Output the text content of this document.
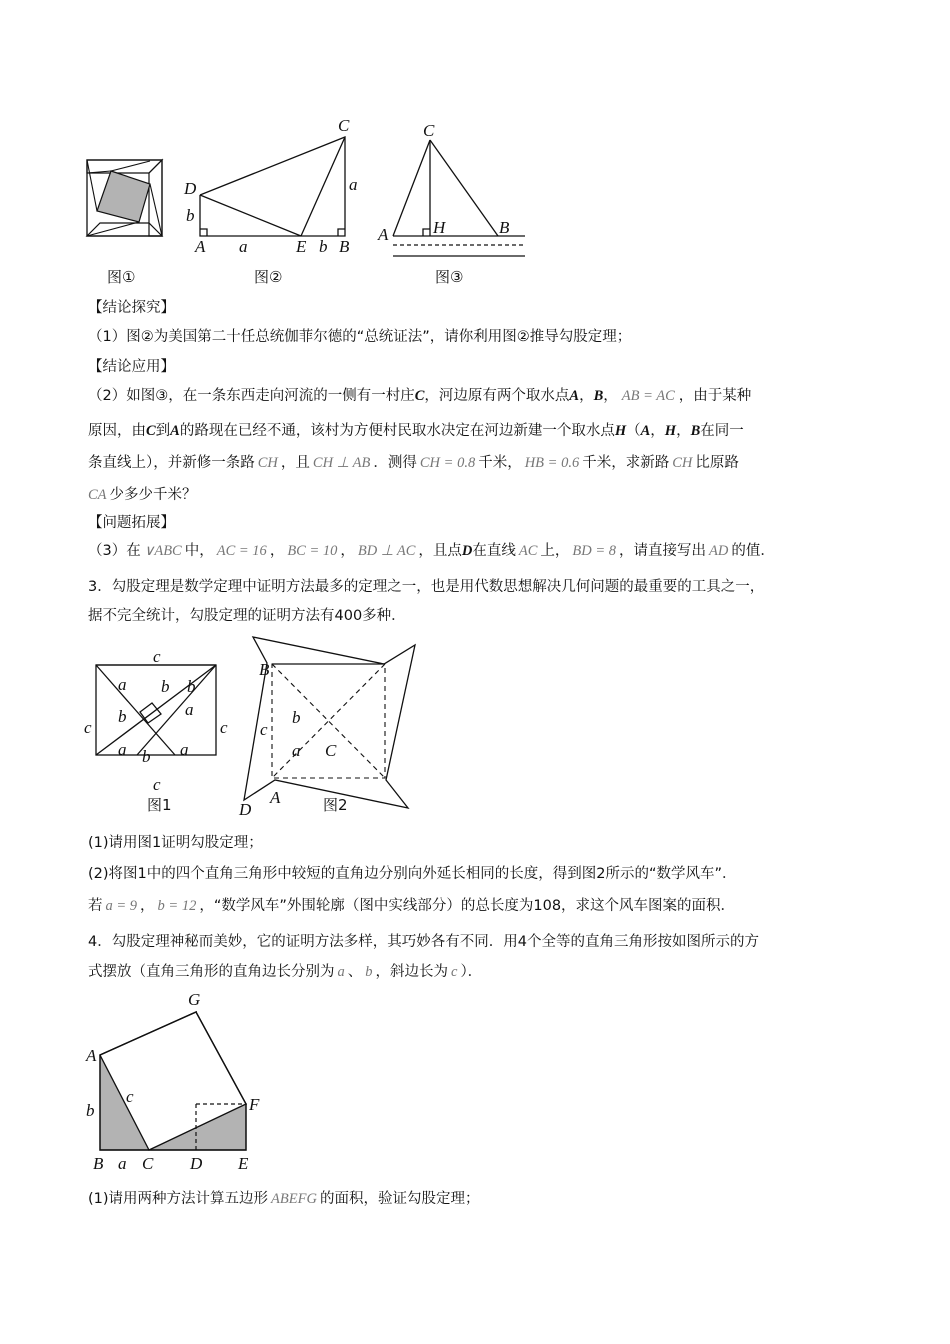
图①
C
D	a
b
A a	E b B
图②
C
A	H	B
图③
【结论探究】
（1）图②为美国第二十任总统伽菲尔德的“总统证法”，请你利用图②推导勾股定理；
【结论应用】
（2）如图③，在一条东西走向河流的一侧有一村庄C，河边原有两个取水点A，B， AB = AC ，由于某种
原因，由C到A的路现在已经不通，该村为方便村民取水决定在河边新建一个取水点H（A，H，B在同一
条直线上），并新修一条路 CH ，且 CH ⊥ AB ．测得 CH = 0.8 千米， HB = 0.6 千米，求新路 CH 比原路
CA 少多少千米？
【问题拓展】
（3）在 ∨ABC 中， AC = 16 ， BC = 10 ， BD ⊥ AC ，且点D在直线 AC 上， BD = 8 ，请直接写出 AD 的值．
3．勾股定理是数学定理中证明方法最多的定理之一，也是用代数思想解决几何问题的最重要的工具之一，
据不完全统计，勾股定理的证明方法有400多种．
c
c	c
c
a b b
a
b
a	a
b
图1
B
b
c
a C
D
A	图2
(1)请用图1证明勾股定理；
(2)将图1中的四个直角三角形中较短的直角边分别向外延长相同的长度，得到图2所示的“数学风车”．
若 a = 9 ， b = 12 ，“数学风车”外围轮廓（图中实线部分）的总长度为108，求这个风车图案的面积．
4．勾股定理神秘而美妙，它的证明方法多样，其巧妙各有不同．用4个全等的直角三角形按如图所示的方
式摆放（直角三角形的直角边长分别为 a 、 b ，斜边长为 c ）．
G
A
c
b	F
B a C D E
(1)请用两种方法计算五边形 ABEFG 的面积，验证勾股定理；
